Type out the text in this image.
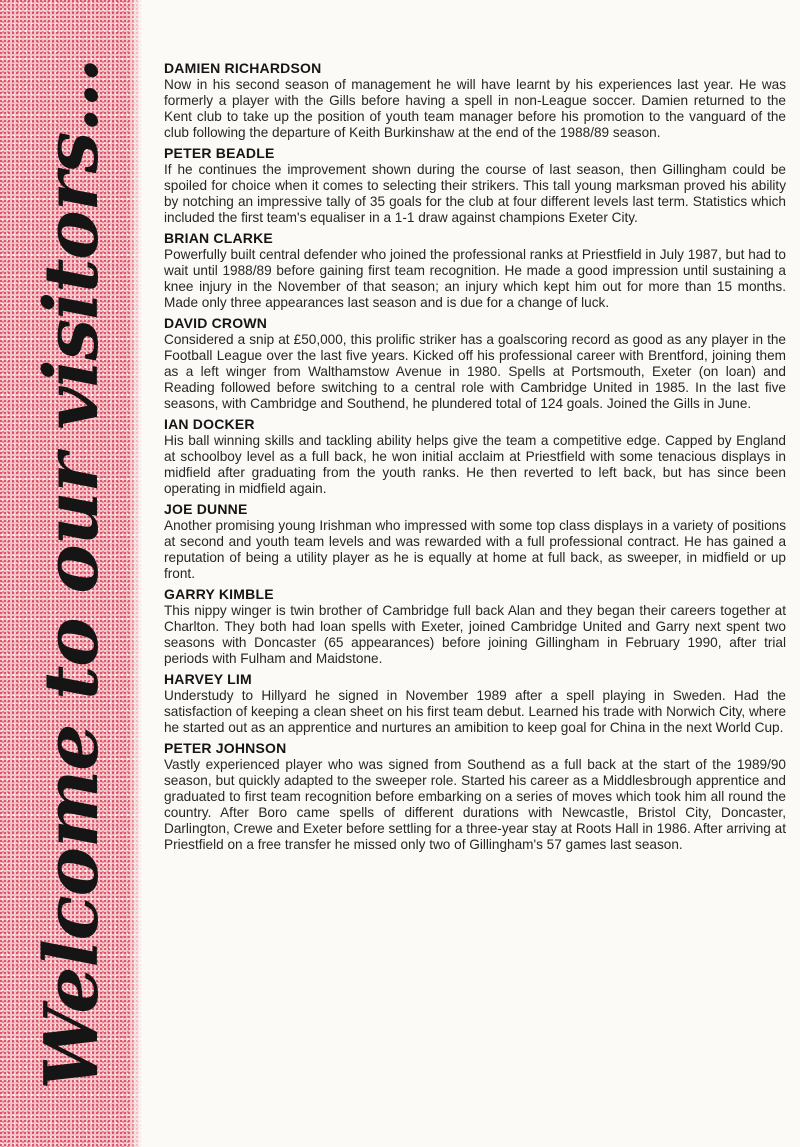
Welcome to our visitors...	DAMIEN RICHARDSON

Now in his second season of management he will have learnt by his experiences last year. He was formerly a player with the Gills before having a spell in non-League soccer. Damien returned to the Kent club to take up the position of youth team manager before his promotion to the vanguard of the club following the departure of Keith Burkinshaw at the end of the 1988/89 season.

PETER BEADLE

If he continues the improvement shown during the course of last season, then Gillingham could be spoiled for choice when it comes to selecting their strikers. This tall young marksman proved his ability by notching an impressive tally of 35 goals for the club at four different levels last term. Statistics which included the first team's equaliser in a 1-1 draw against champions Exeter City.

BRIAN CLARKE

Powerfully built central defender who joined the professional ranks at Priestfield in July 1987, but had to wait until 1988/89 before gaining first team recognition. He made a good impression until sustaining a knee injury in the November of that season; an injury which kept him out for more than 15 months. Made only three appearances last season and is due for a change of luck.

DAVID CROWN

Considered a snip at £50,000, this prolific striker has a goalscoring record as good as any player in the Football League over the last five years. Kicked off his professional career with Brentford, joining them as a left winger from Walthamstow Avenue in 1980. Spells at Portsmouth, Exeter (on loan) and Reading followed before switching to a central role with Cambridge United in 1985. In the last five seasons, with Cambridge and Southend, he plundered total of 124 goals. Joined the Gills in June.

IAN DOCKER

His ball winning skills and tackling ability helps give the team a competitive edge. Capped by England at schoolboy level as a full back, he won initial acclaim at Priestfield with some tenacious displays in midfield after graduating from the youth ranks. He then reverted to left back, but has since been operating in midfield again.

JOE DUNNE

Another promising young Irishman who impressed with some top class displays in a variety of positions at second and youth team levels and was rewarded with a full professional contract. He has gained a reputation of being a utility player as he is equally at home at full back, as sweeper, in midfield or up front.

GARRY KIMBLE

This nippy winger is twin brother of Cambridge full back Alan and they began their careers together at Charlton. They both had loan spells with Exeter, joined Cambridge United and Garry next spent two seasons with Doncaster (65 appearances) before joining Gillingham in February 1990, after trial periods with Fulham and Maidstone.

HARVEY LIM

Understudy to Hillyard he signed in November 1989 after a spell playing in Sweden. Had the satisfaction of keeping a clean sheet on his first team debut. Learned his trade with Norwich City, where he started out as an apprentice and nurtures an amibition to keep goal for China in the next World Cup.

PETER JOHNSON

Vastly experienced player who was signed from Southend as a full back at the start of the 1989/90 season, but quickly adapted to the sweeper role. Started his career as a Middlesbrough apprentice and graduated to first team recognition before embarking on a series of moves which took him all round the country. After Boro came spells of different durations with Newcastle, Bristol City, Doncaster, Darlington, Crewe and Exeter before settling for a three-year stay at Roots Hall in 1986. After arriving at Priestfield on a free transfer he missed only two of Gillingham's 57 games last season.
